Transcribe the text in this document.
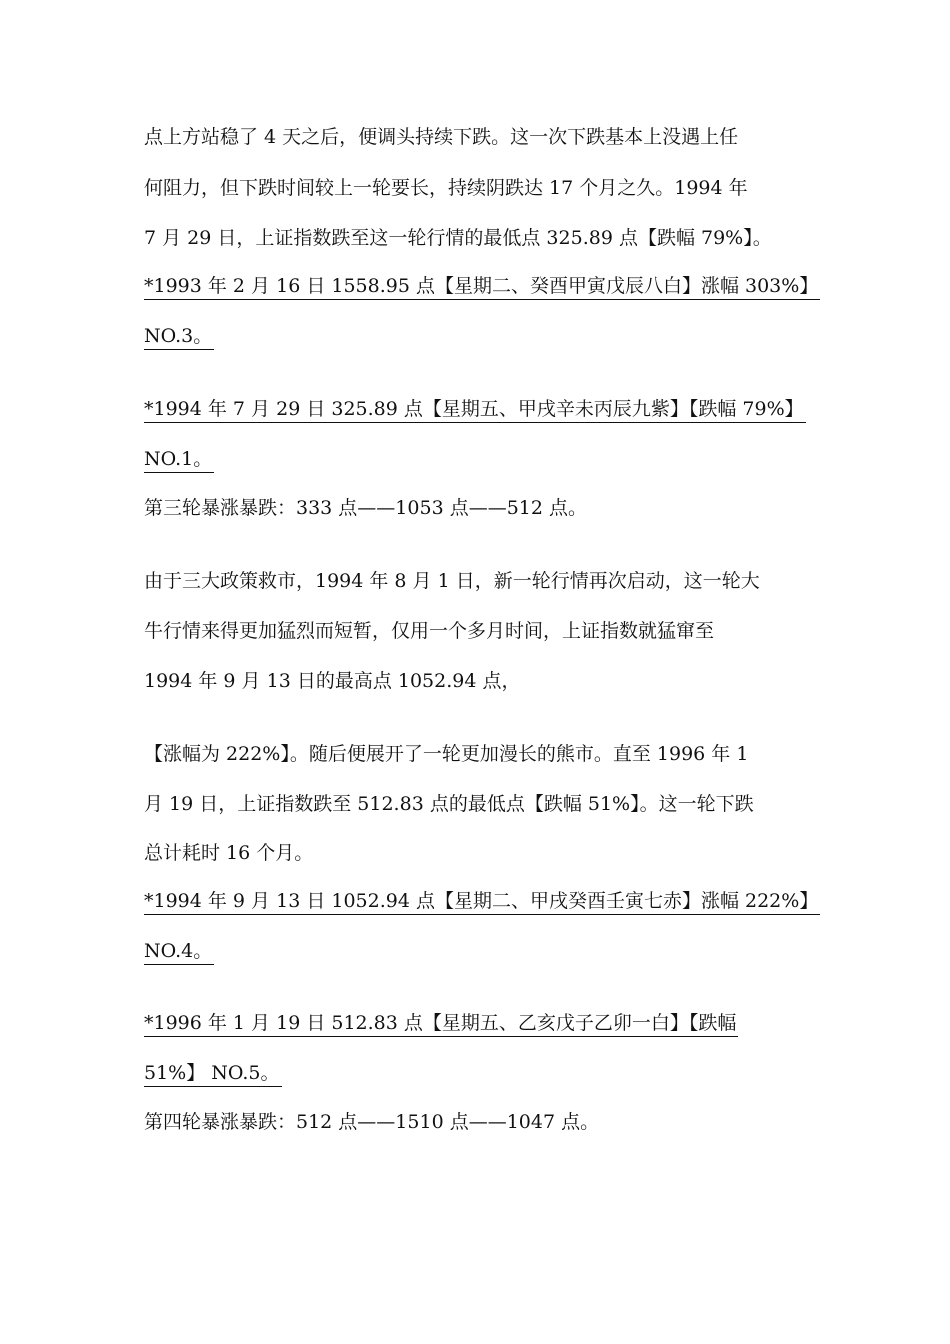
点上方站稳了 4 天之后，便调头持续下跌。这一次下跌基本上没遇上任
何阻力，但下跌时间较上一轮要长，持续阴跌达 17 个月之久。1994 年
7 月 29 日，上证指数跌至这一轮行情的最低点 325.89 点【跌幅 79%】。
*1993 年 2 月 16 日 1558.95 点【星期二、癸酉甲寅戊辰八白】涨幅 303%】
NO.3。
*1994 年 7 月 29 日 325.89 点【星期五、甲戌辛未丙辰九紫】【跌幅 79%】
NO.1。
第三轮暴涨暴跌：333 点——1053 点——512 点。
由于三大政策救市，1994 年 8 月 1 日，新一轮行情再次启动，这一轮大
牛行情来得更加猛烈而短暂，仅用一个多月时间，上证指数就猛窜至
1994 年 9 月 13 日的最高点 1052.94 点，
【涨幅为 222%】。随后便展开了一轮更加漫长的熊市。直至 1996 年 1
月 19 日，上证指数跌至 512.83 点的最低点【跌幅 51%】。这一轮下跌
总计耗时 16 个月。
*1994 年 9 月 13 日 1052.94 点【星期二、甲戌癸酉壬寅七赤】涨幅 222%】
NO.4。
*1996 年 1 月 19 日 512.83 点【星期五、乙亥戊子乙卯一白】【跌幅
51%】 NO.5。
第四轮暴涨暴跌：512 点——1510 点——1047 点。
